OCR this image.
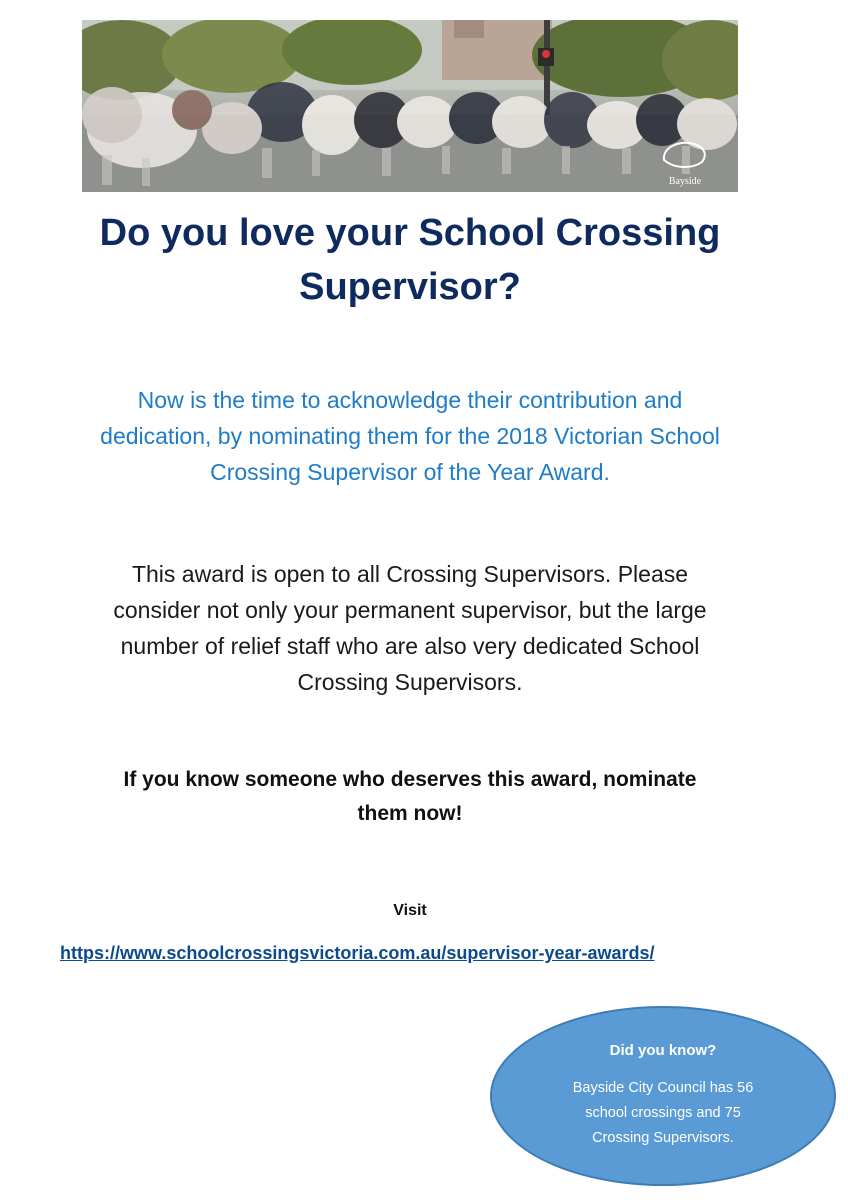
Bayside
Do you love your School Crossing
Supervisor?
Now is the time to acknowledge their contribution and
dedication, by nominating them for the 2018 Victorian School
Crossing Supervisor of the Year Award.
This award is open to all Crossing Supervisors. Please
consider not only your permanent supervisor, but the large
number of relief staff who are also very dedicated School
Crossing Supervisors.
If you know someone who deserves this award, nominate
them now!
Visit
https://www.schoolcrossingsvictoria.com.au/supervisor-year-awards/
Did you know?
Bayside City Council has 56
school crossings and 75
Crossing Supervisors.
